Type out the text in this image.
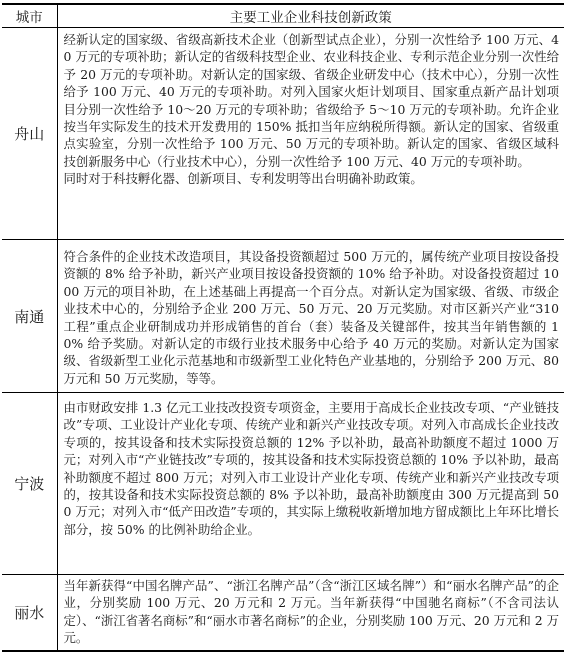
城市	主要工业企业科技创新政策
舟山	经新认定的国家级、省级高新技术企业（创新型试点企业），分别一次性给予 100 万元、40 万元的专项补助；新认定的省级科技型企业、农业科技企业、专利示范企业分别一次性给予 20 万元的专项补助。对新认定的国家级、省级企业研发中心（技术中心），分别一次性给予 100 万元、40 万元的专项补助。对列入国家火炬计划项目、国家重点新产品计划项目分别一次性给予 10～20 万元的专项补助；省级给予 5～10 万元的专项补助。允许企业按当年实际发生的技术开发费用的 150% 抵扣当年应纳税所得额。新认定的国家、省级重点实验室，分别一次性给予 100 万元、50 万元的专项补助。新认定的国家、省级区域科技创新服务中心（行业技术中心），分别一次性给予 100 万元、40 万元的专项补助。

同时对于科技孵化器、创新项目、专利发明等出台明确补助政策。

南通	符合条件的企业技术改造项目，其设备投资额超过 500 万元的，属传统产业项目按设备投资额的 8% 给予补助，新兴产业项目按设备投资额的 10% 给予补助。对设备投资超过 1000 万元的项目补助，在上述基础上再提高一个百分点。对新认定为国家级、省级、市级企业技术中心的，分别给予企业 200 万元、50 万元、20 万元奖励。对市区新兴产业“310 工程”重点企业研制成功并形成销售的首台（套）装备及关键部件，按其当年销售额的 10% 给予奖励。对新认定的市级行业技术服务中心给予 40 万元的奖励。对新认定为国家级、省级新型工业化示范基地和市级新型工业化特色产业基地的，分别给予 200 万元、80 万元和 50 万元奖励，等等。

宁波	由市财政安排 1.3 亿元工业技改投资专项资金，主要用于高成长企业技改专项、“产业链技改”专项、工业设计产业化专项、传统产业和新兴产业技改专项。对列入市高成长企业技改专项的，按其设备和技术实际投资总额的 12% 予以补助，最高补助额度不超过 1000 万元；对列入市“产业链技改”专项的，按其设备和技术实际投资总额的 10% 予以补助，最高补助额度不超过 800 万元；对列入市工业设计产业化专项、传统产业和新兴产业技改专项的，按其设备和技术实际投资总额的 8% 予以补助，最高补助额度由 300 万元提高到 500 万元；对列入市“低产田改造”专项的，其实际上缴税收新增加地方留成额比上年环比增长部分，按 50% 的比例补助给企业。

丽水	当年新获得“中国名牌产品”、“浙江名牌产品”（含“浙江区域名牌”）和“丽水名牌产品”的企业，分别奖励 100 万元、20 万元和 2 万元。当年新获得“中国驰名商标”（不含司法认定）、“浙江省著名商标”和“丽水市著名商标”的企业，分别奖励 100 万元、20 万元和 2 万元。
